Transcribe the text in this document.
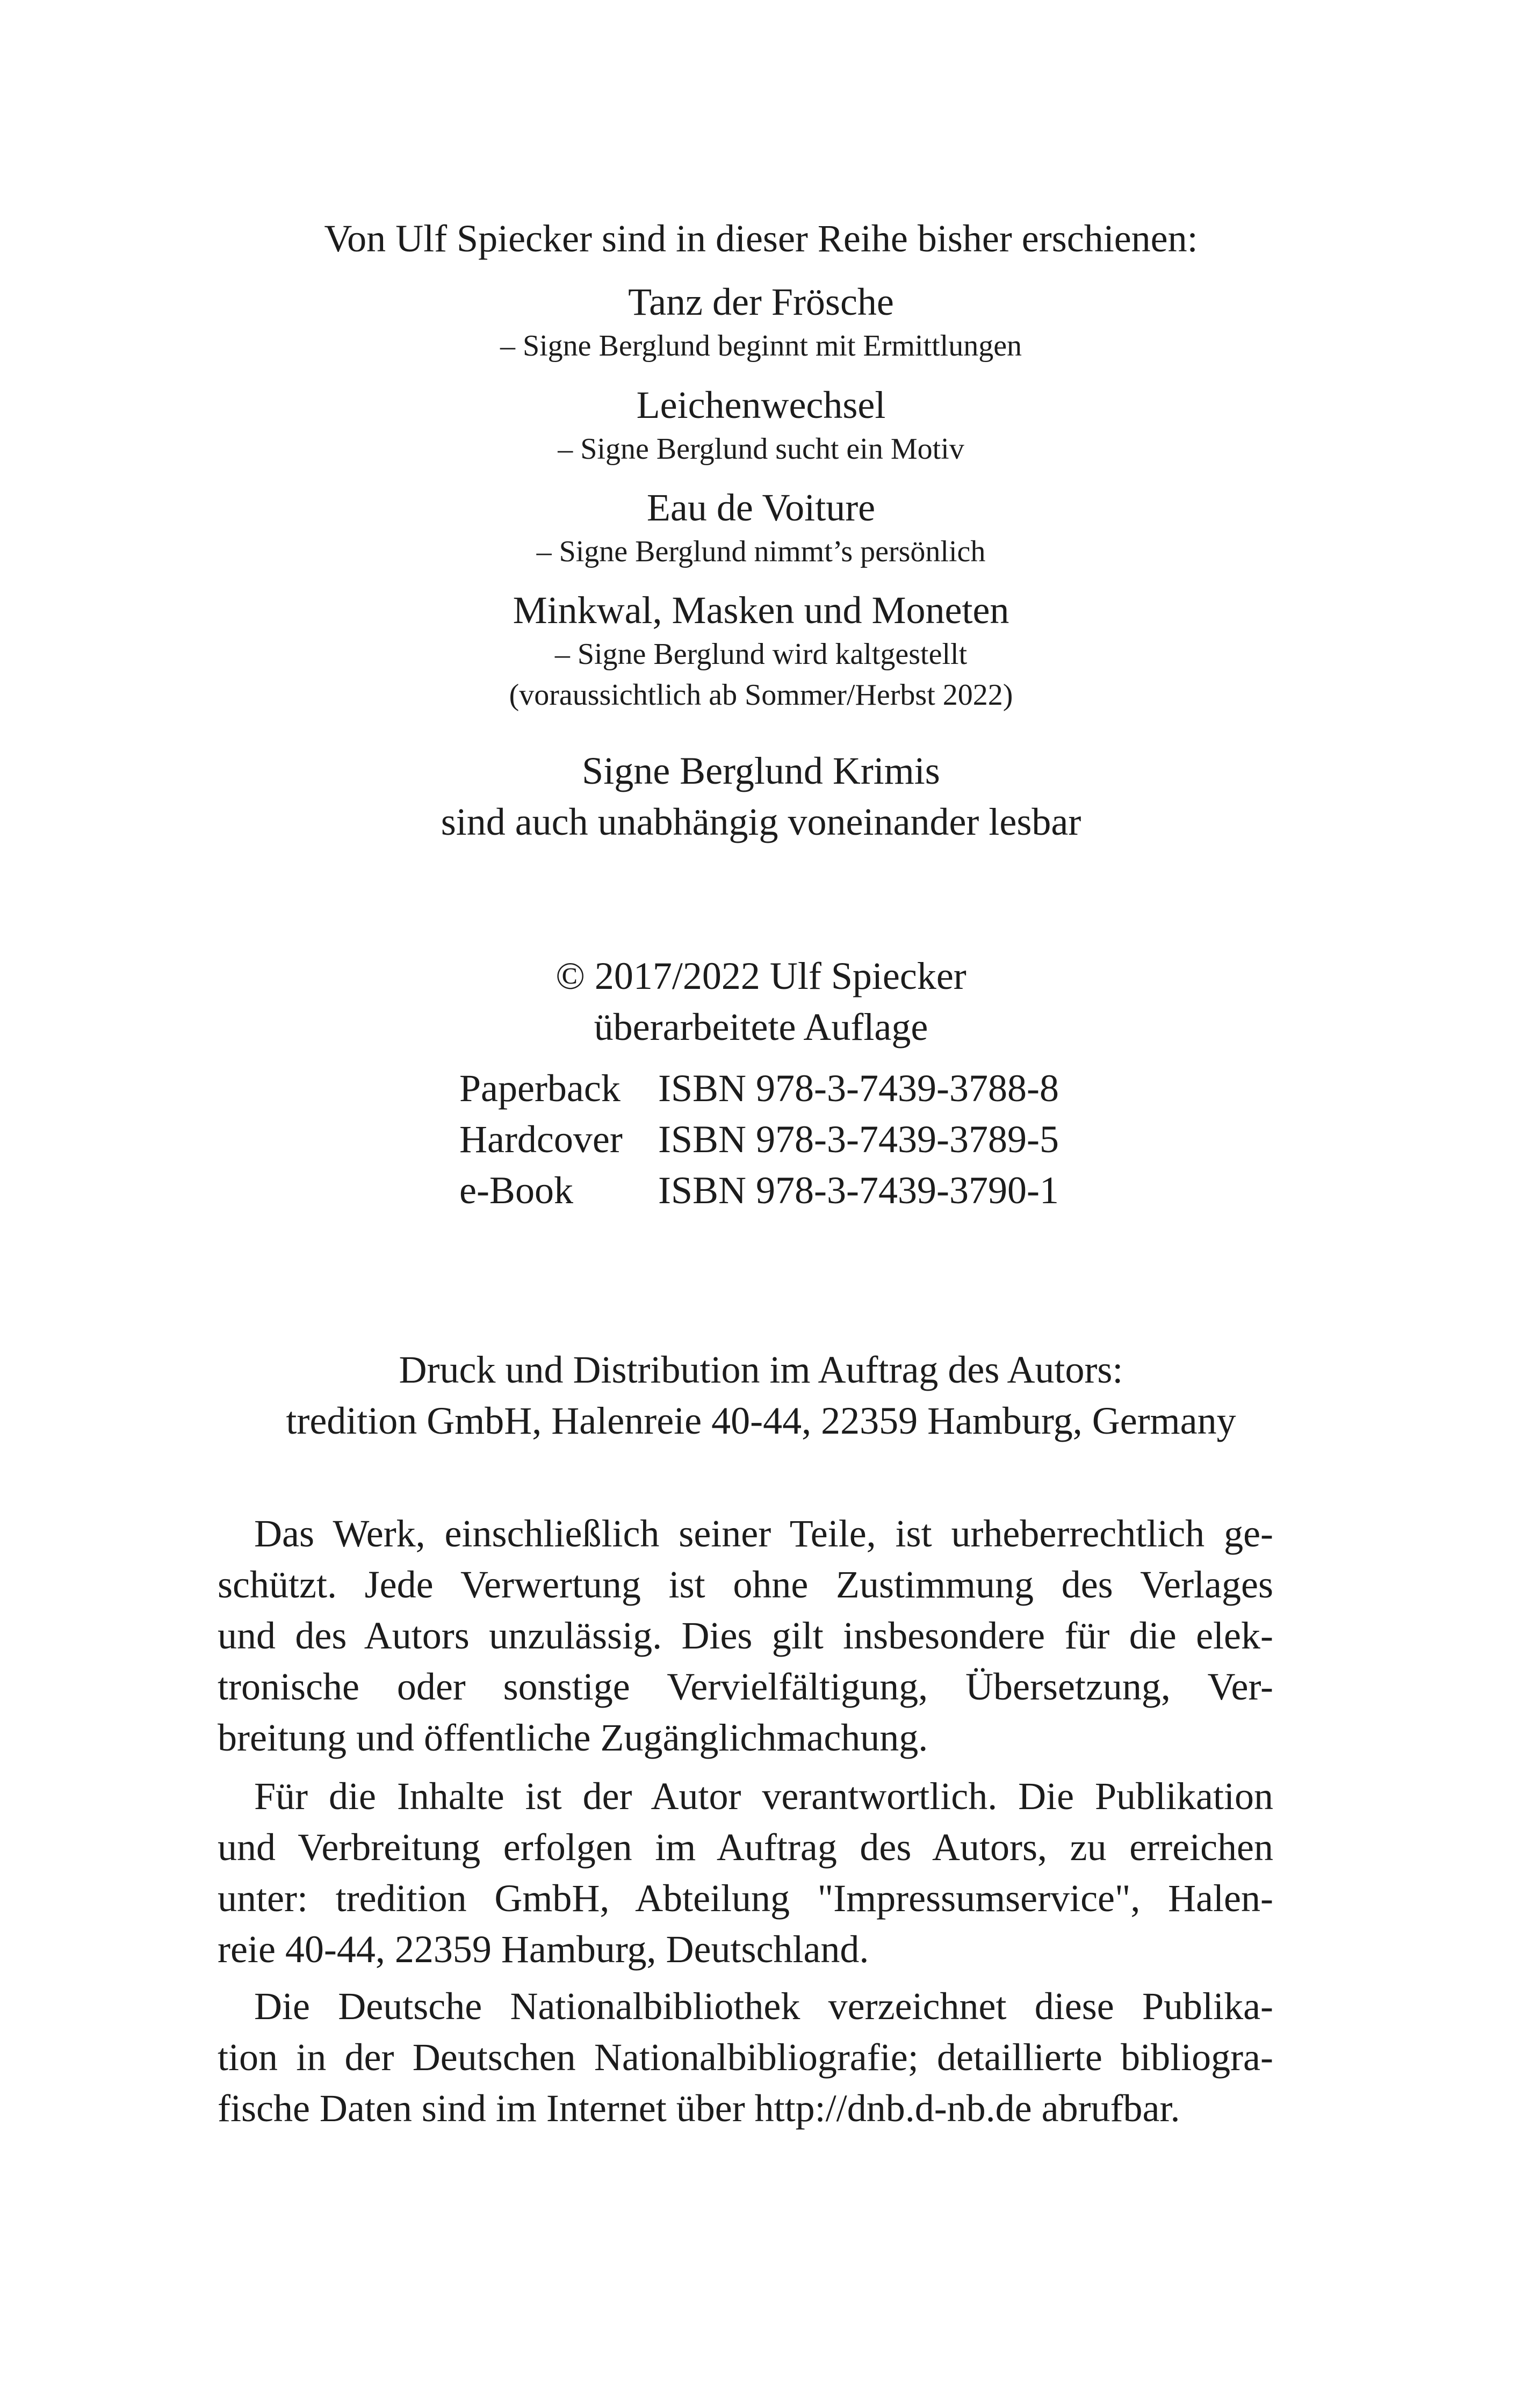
Von Ulf Spiecker sind in dieser Reihe bisher erschienen:
Tanz der Frösche
– Signe Berglund beginnt mit Ermittlungen
Leichenwechsel
– Signe Berglund sucht ein Motiv
Eau de Voiture
– Signe Berglund nimmt’s persönlich
Minkwal, Masken und Moneten
– Signe Berglund wird kaltgestellt
(voraussichtlich ab Sommer/Herbst 2022)
Signe Berglund Krimis
sind auch unabhängig voneinander lesbar
© 2017/2022 Ulf Spiecker
überarbeitete Auflage
Paperback	ISBN 978-3-7439-3788-8
Hardcover	ISBN 978-3-7439-3789-5
e-Book	ISBN 978-3-7439-3790-1
Druck und Distribution im Auftrag des Autors:
tredition GmbH, Halenreie 40-44, 22359 Hamburg, Germany
Das Werk, einschließlich seiner Teile, ist urheberrechtlich ge-
schützt. Jede Verwertung ist ohne Zustimmung des Verlages
und des Autors unzulässig. Dies gilt insbesondere für die elek-
tronische oder sonstige Vervielfältigung, Übersetzung, Ver-
breitung und öffentliche Zugänglichmachung.
Für die Inhalte ist der Autor verantwortlich. Die Publikation
und Verbreitung erfolgen im Auftrag des Autors, zu erreichen
unter: tredition GmbH, Abteilung "Impressumservice", Halen-
reie 40-44, 22359 Hamburg, Deutschland.
Die Deutsche Nationalbibliothek verzeichnet diese Publika-
tion in der Deutschen Nationalbibliografie; detaillierte bibliogra-
fische Daten sind im Internet über http://dnb.d-nb.de abrufbar.
